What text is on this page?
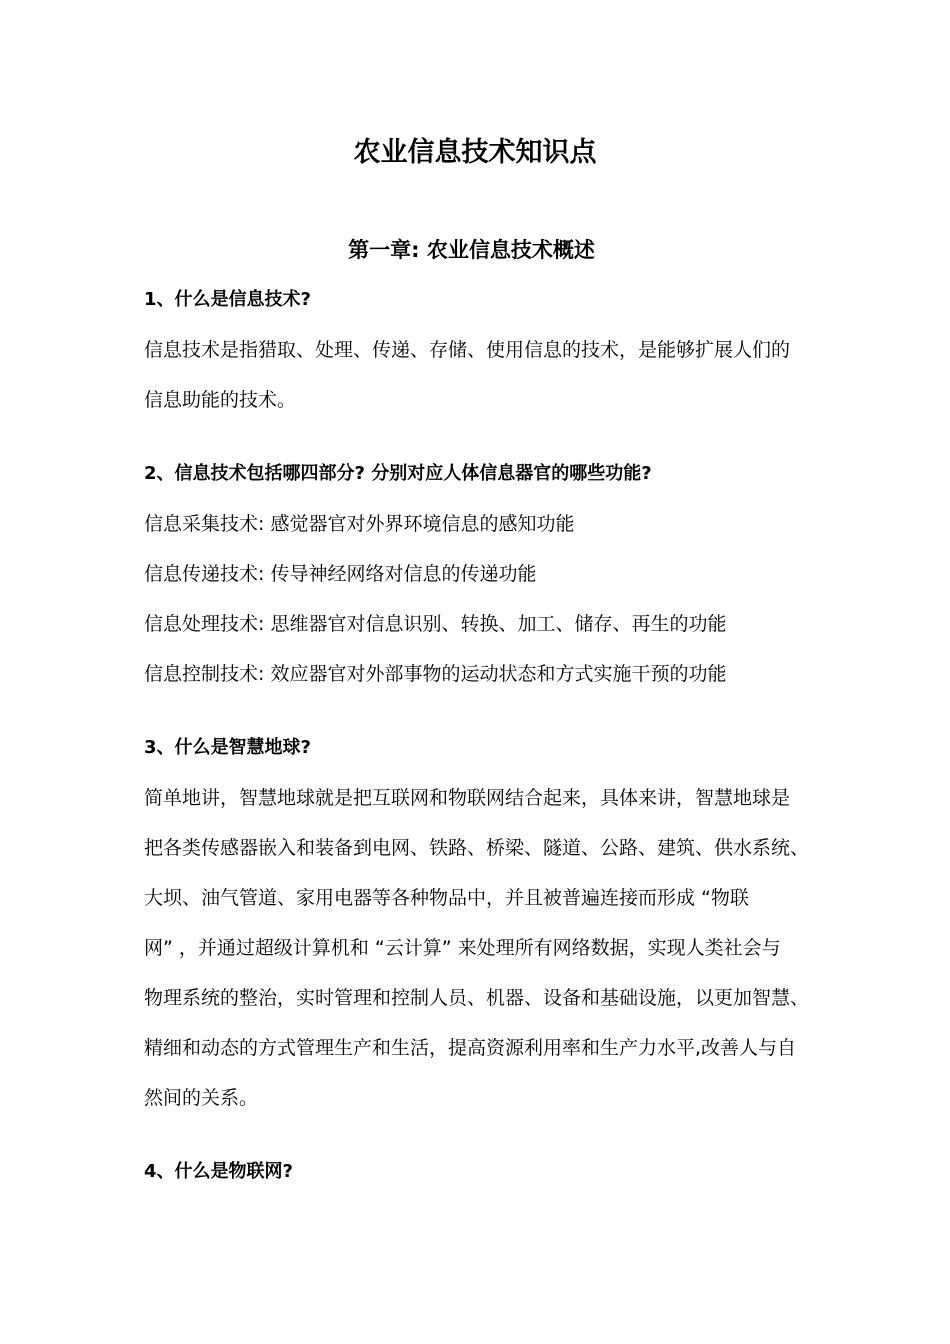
农业信息技术知识点
第一章: 农业信息技术概述
1、什么是信息技术?
信息技术是指猎取、处理、传递、存储、使用信息的技术，是能够扩展人们的
信息助能的技术。
2、信息技术包括哪四部分? 分别对应人体信息器官的哪些功能?
信息采集技术: 感觉器官对外界环境信息的感知功能
信息传递技术: 传导神经网络对信息的传递功能
信息处理技术: 思维器官对信息识别、转换、加工、储存、再生的功能
信息控制技术: 效应器官对外部事物的运动状态和方式实施干预的功能
3、什么是智慧地球?
简单地讲，智慧地球就是把互联网和物联网结合起来，具体来讲，智慧地球是
把各类传感器嵌入和装备到电网、铁路、桥梁、隧道、公路、建筑、供水系统、
大坝、油气管道、家用电器等各种物品中，并且被普遍连接而形成 “物联
网” ，并通过超级计算机和 “云计算” 来处理所有网络数据，实现人类社会与
物理系统的整治，实时管理和控制人员、机器、设备和基础设施，以更加智慧、
精细和动态的方式管理生产和生活，提高资源利用率和生产力水平,改善人与自
然间的关系。
4、什么是物联网?
